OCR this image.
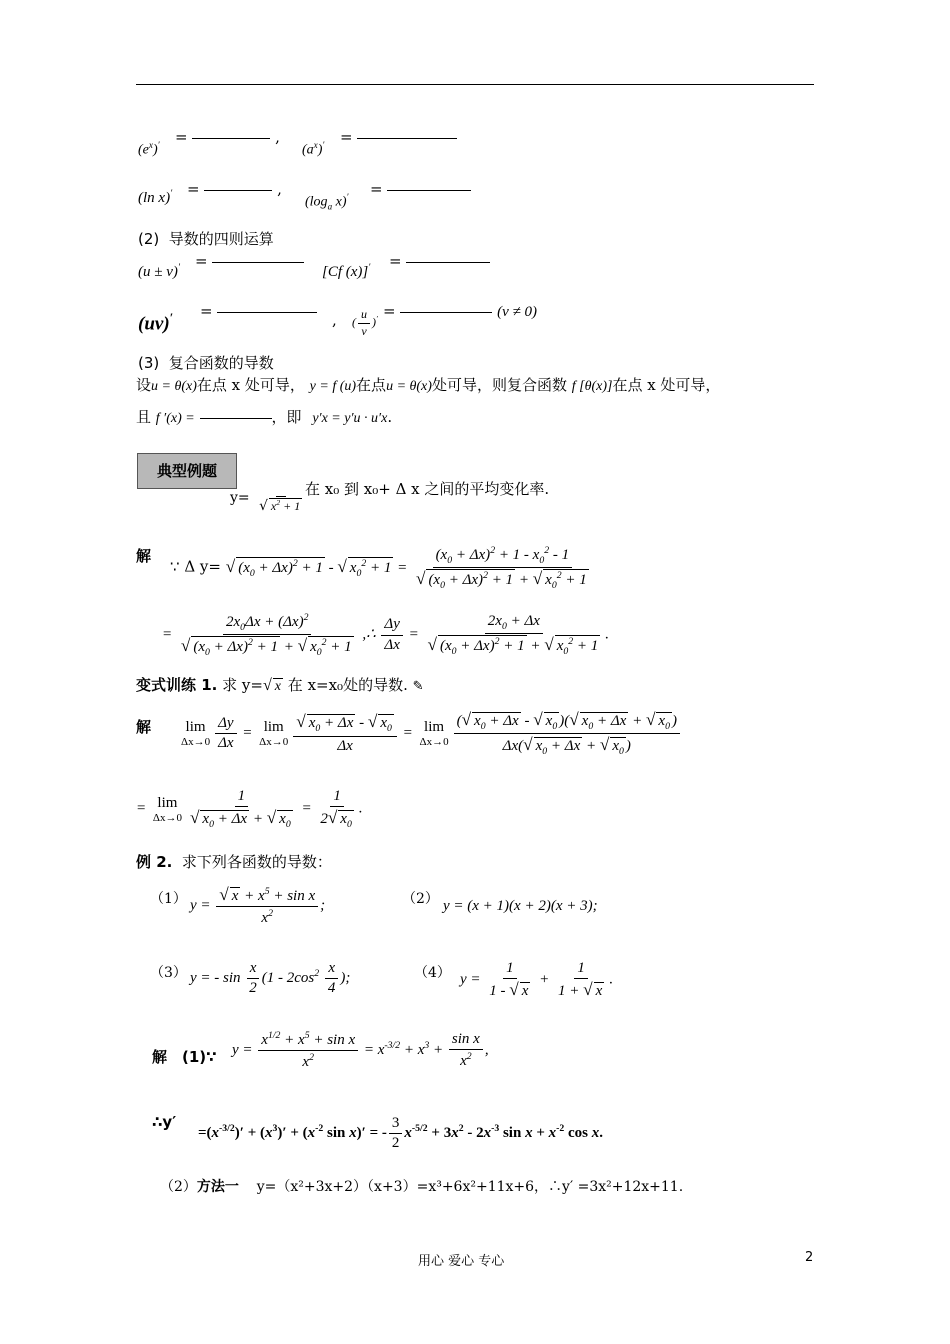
$(e^x)'$ =	,
$(a^x)'$ =
(ln x)′ =	,
($\log_a$ x)′ =
(2) 导数的四则运算
(u ± v)′ =
[Cf (x)]′ =
(uv)′ =	, ( $\frac{u}{v} )'$ =	(v ≠ 0)
(3) 复合函数的导数
设u = θ(x)在点 x 处可导， y = f (u)在点u = θ(x)处可导，则复合函数 f [θ(x)]在点 x 处可导，
且 f ′(x) =	，即 y′x = y′u · u′x.
典型例题
y=
√ $x^2 + 1$
在 x₀ 到 x₀+ Δ x 之间的平均变化率.
解
∵ Δ y= √ $(x_0 + \Delta x)^2 + 1$ - √ $x_0^2 + 1 = \frac{(x_0 + \Delta x)^2 + 1 - x_0^2 - 1}{√ (x_0 + \Delta x)^2 + 1 + √ x_0^2 + 1}$
= $\frac{2x_0\Delta x + (\Delta x)^2}{√ (x_0 + \Delta x)^2 + 1 + √ x_0^2 + 1}$ ,∴ $\frac{\Delta y}{\Delta x} = \frac{2x_0 + \Delta x}{√ (x_0 + \Delta x)^2 + 1 + √ x_0^2 + 1}$ .
变式训练 1. 求 y=√ x 在 x=x₀处的导数. ✎
解	lim
$\Delta x\to 0 \frac{\Delta y}{\Delta x} = \lim$
$\Delta x\to 0 \frac{√ x_0 + \Delta x - √ x_0}{\Delta x} = \lim$
$\Delta x\to 0 \frac{(√ x_0 + \Delta x - √ x_0 )(√ x_0 + \Delta x + √ x_0 )}{\Delta x(√ x_0 + \Delta x + √ x_0 )}$
= lim
$\Delta x\to 0 \frac{1}{√ x_0 + \Delta x + √ x_0} = \frac{1}{2√ x_0}$ .
例 2. 求下列各函数的导数：
（1） $y = \frac{√ x + x^5 + \sin x}{x^2}$ ;	（2） y = (x + 1)(x + 2)(x + 3);
（3） y = - $\sin \frac{x}{2} (1 - 2\cos^2 \frac{x}{4}$ );	（4） $y = \frac{1}{1 - √ x} + \frac{1}{1 + √ x}$ .
解　(1)∵ $y = \frac{x^{1/2} + x^5 + \sin x}{x^2} = x^{-3/2} + x^3 + \frac{\text{sin x}}{x^2}$ ,
∴y′
$=(x^{-3/2})' + (x^3)' + (x^{-2}$ sin x)′ = - $\frac{3}{2} x^{-5/2} + 3x^2 - 2x^{-3}$ $\sin x + x^{-2}$ cos x.
（2）方法一 y=（x²+3x+2）（x+3）=x³+6x²+11x+6，∴y′ =3x²+12x+11.
用心 爱心 专心	2
